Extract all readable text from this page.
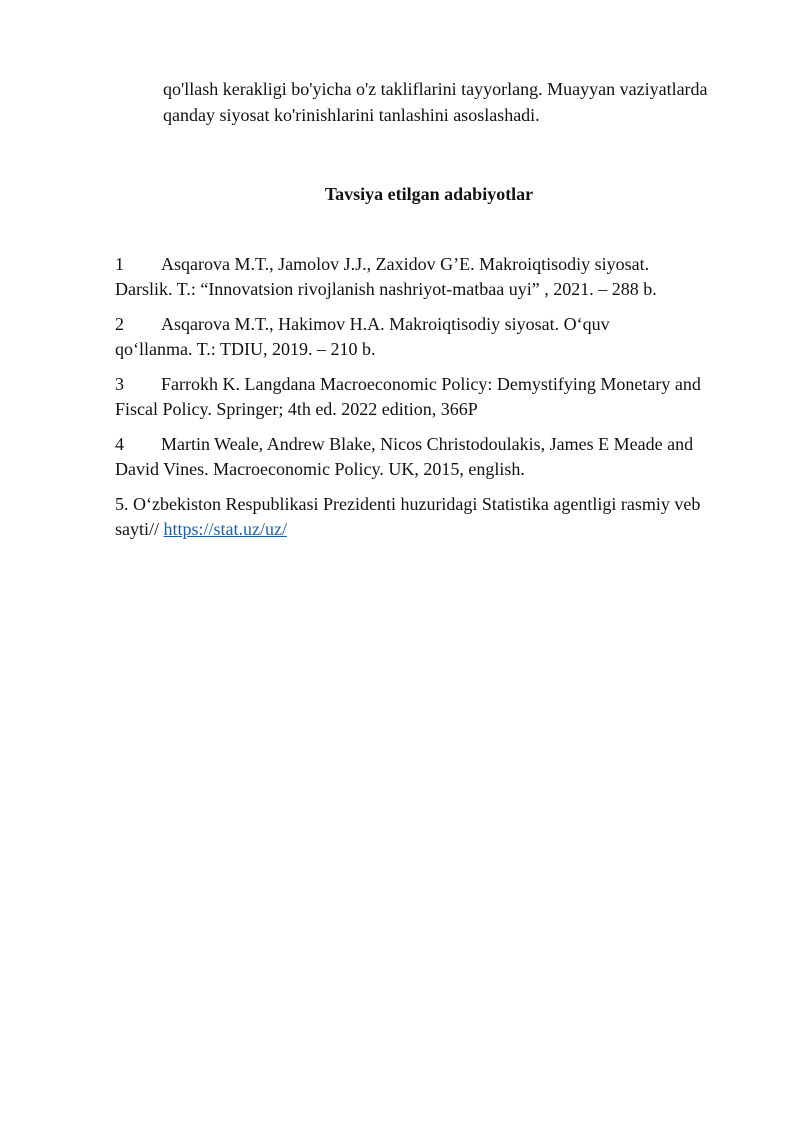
qo'llash kerakligi bo'yicha o'z takliflarini tayyorlang. Muayyan vaziyatlarda
qanday siyosat ko'rinishlarini tanlashini asoslashadi.

Tavsiya etilgan adabiyotlar
1 Asqarova M.T., Jamolov J.J., Zaxidov G’E. Makroiqtisodiy siyosat.
Darslik. T.: “Innovatsion rivojlanish nashriyot-matbaa uyi” , 2021. – 288 b.
2 Asqarova M.T., Hakimov H.A. Makroiqtisodiy siyosat. O‘quv
qo‘llanma. T.: TDIU, 2019. – 210 b.
3 Farrokh K. Langdana Macroeconomic Policy: Demystifying Monetary and
Fiscal Policy. Springer; 4th ed. 2022 edition, 366P
4 Martin Weale, Andrew Blake, Nicos Christodoulakis, James E Meade and
David Vines. Macroeconomic Policy. UK, 2015, english.
5. O‘zbekiston Respublikasi Prezidenti huzuridagi Statistika agentligi rasmiy veb
sayti// https://stat.uz/uz/
